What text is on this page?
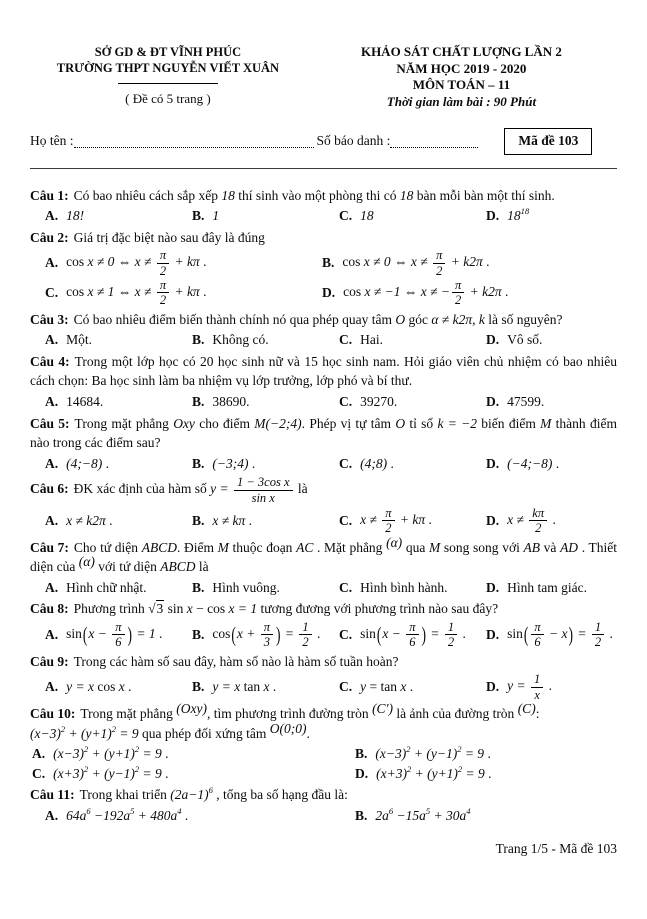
SỞ GD & ĐT VĨNH PHÚC
TRƯỜNG THPT NGUYỄN VIẾT XUÂN
( Đề có 5 trang )
KHẢO SÁT CHẤT LƯỢNG LẦN 2
NĂM HỌC 2019 - 2020
MÔN TOÁN – 11
Thời gian làm bài : 90 Phút
Họ tên :	Số báo danh :	Mã đề 103
Câu 1: Có bao nhiêu cách sắp xếp 18 thí sinh vào một phòng thi có 18 bàn mỗi bàn một thí sinh.
A. 18!	B. 1	C. 18	D. $18^{18}$
Câu 2: Giá trị đặc biệt nào sau đây là đúng
A. cos x ≠ 0 ⇔ $x \ne \frac{\pi}{2} + k\pi$ .	B. cos x ≠ 0 ⇔ $x \ne \frac{\pi}{2} + k2\pi$ .
C. cos x ≠ 1 ⇔ $x \ne \frac{\pi}{2} + k\pi$ .	D. cos x ≠ −1 ⇔ x ≠ − $\frac{\pi}{2} + k2\pi$ .
Câu 3: Có bao nhiêu điểm biến thành chính nó qua phép quay tâm O góc α ≠ k2π, k là số nguyên?
A. Một.	B. Không có.	C. Hai.	D. Vô số.
Câu 4: Trong một lớp học có 20 học sinh nữ và 15 học sinh nam. Hỏi giáo viên chủ nhiệm có bao nhiêu cách chọn: Ba học sinh làm ba nhiệm vụ lớp trưởng, lớp phó và bí thư.
A. 14684.	B. 38690.	C. 39270.	D. 47599.
Câu 5: Trong mặt phẳng Oxy cho điểm M(−2;4). Phép vị tự tâm O tỉ số k = −2 biến điểm M thành điểm nào trong các điểm sau?
A. (4;−8) .	B. (−3;4) .	C. (4;8) .	D. (−4;−8) .
Câu 6: ĐK xác định của hàm số $y = \frac{\text{1 − 3cos x}}{\text{sin x}}$ là
A. x ≠ k2π .	B. x ≠ kπ .	C. $x \ne \frac{\pi}{2} + k\pi$ .	D. $x \ne \frac{k\pi}{2}$ .
Câu 7: Cho tứ diện ABCD. Điểm M thuộc đoạn AC . Mặt phẳng (α) qua M song song với AB và AD . Thiết diện của (α) với tứ diện ABCD là
A. Hình chữ nhật.	B. Hình vuông.	C. Hình bình hành.	D. Hình tam giác.
Câu 8: Phương trình √3 sin x − cos x = 1 tương đương với phương trình nào sau đây?
A. $\sin(x - \frac{\pi}{6}$ ) = 1 . B. $\cos(x + \frac{\pi}{3}$ ) = $\frac{1}{2}$ . C. $\sin(x - \frac{\pi}{6}$ ) = $\frac{1}{2}$ . D. $\sin( \frac{\pi}{6} - x) = \frac{1}{2}$ .
Câu 9: Trong các hàm số sau đây, hàm số nào là hàm số tuần hoàn?
A. y = x cos x .	B. y = x tan x .	C. y = tan x .	D. $y = \frac{1}{x}$ .
Câu 10: Trong mặt phẳng (Oxy), tìm phương trình đường tròn (C′) là ảnh của đường tròn (C):
$(x-3)^2 + (y+1)^2 = 9$ qua phép đối xứng tâm O(0;0).
A. $(x-3)^2 + (y+1)^2 = 9$ .	B. $(x-3)^2 + (y-1)^2 = 9$ .
C. $(x+3)^2 + (y-1)^2 = 9$ .	D. $(x+3)^2 + (y+1)^2 = 9$ .
Câu 11: Trong khai triển $(2a-1)^6$ , tổng ba số hạng đầu là:
A. $64a^6 -192a^5 + 480a^4$ .	B. $2a^6 -15a^5 + 30a^4$
Trang 1/5 - Mã đề 103
